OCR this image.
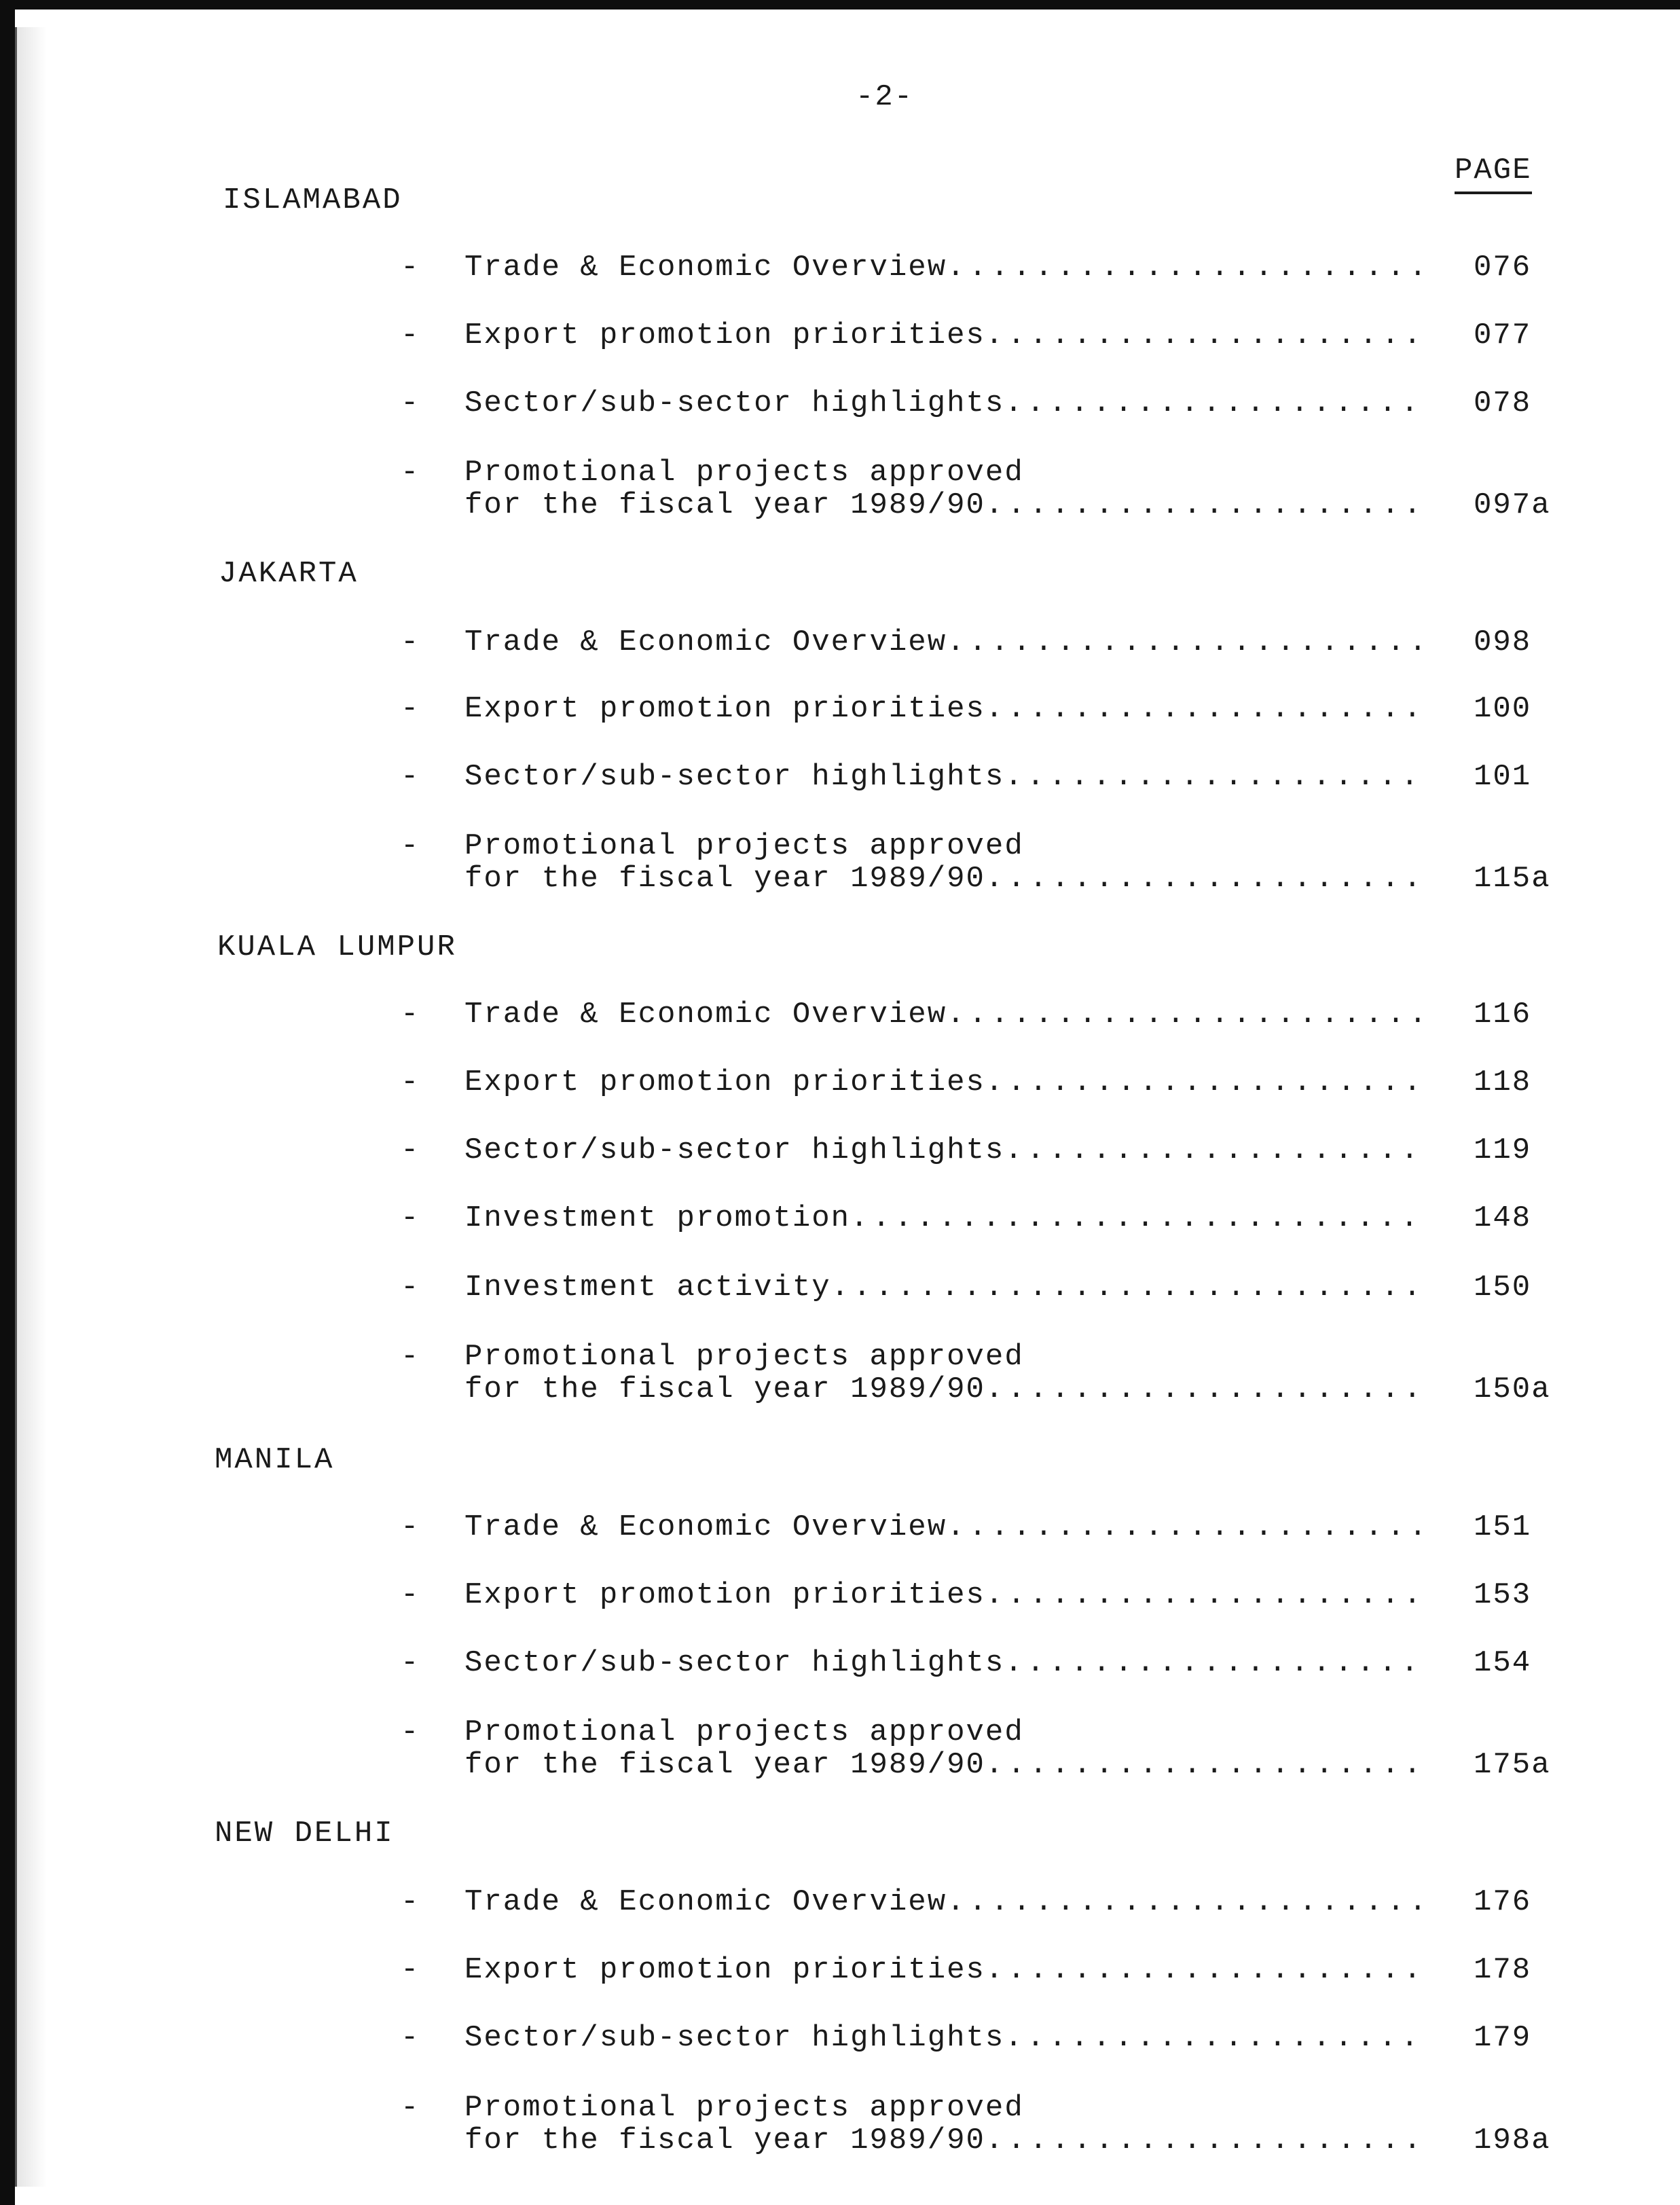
-2-
PAGE
ISLAMABAD
- Trade & Economic Overview .....	076
- Export promotion priorities .....	077
- Sector/sub-sector highlights .....	078
- Promotional projects approved
for the fiscal year 1989/90 .....	097a
JAKARTA
- Trade & Economic Overview .....	098
- Export promotion priorities .....	100
- Sector/sub-sector highlights .....	101
- Promotional projects approved
for the fiscal year 1989/90 .....	115a
KUALA LUMPUR
- Trade & Economic Overview .....	116
- Export promotion priorities .....	118
- Sector/sub-sector highlights .....	119
- Investment promotion .....	148
- Investment activity .....	150
- Promotional projects approved
for the fiscal year 1989/90 .....	150a
MANILA
- Trade & Economic Overview .....	151
- Export promotion priorities .....	153
- Sector/sub-sector highlights .....	154
- Promotional projects approved
for the fiscal year 1989/90 .....	175a
NEW DELHI
- Trade & Economic Overview .....	176
- Export promotion priorities .....	178
- Sector/sub-sector highlights .....	179
- Promotional projects approved
for the fiscal year 1989/90 .....	198a
